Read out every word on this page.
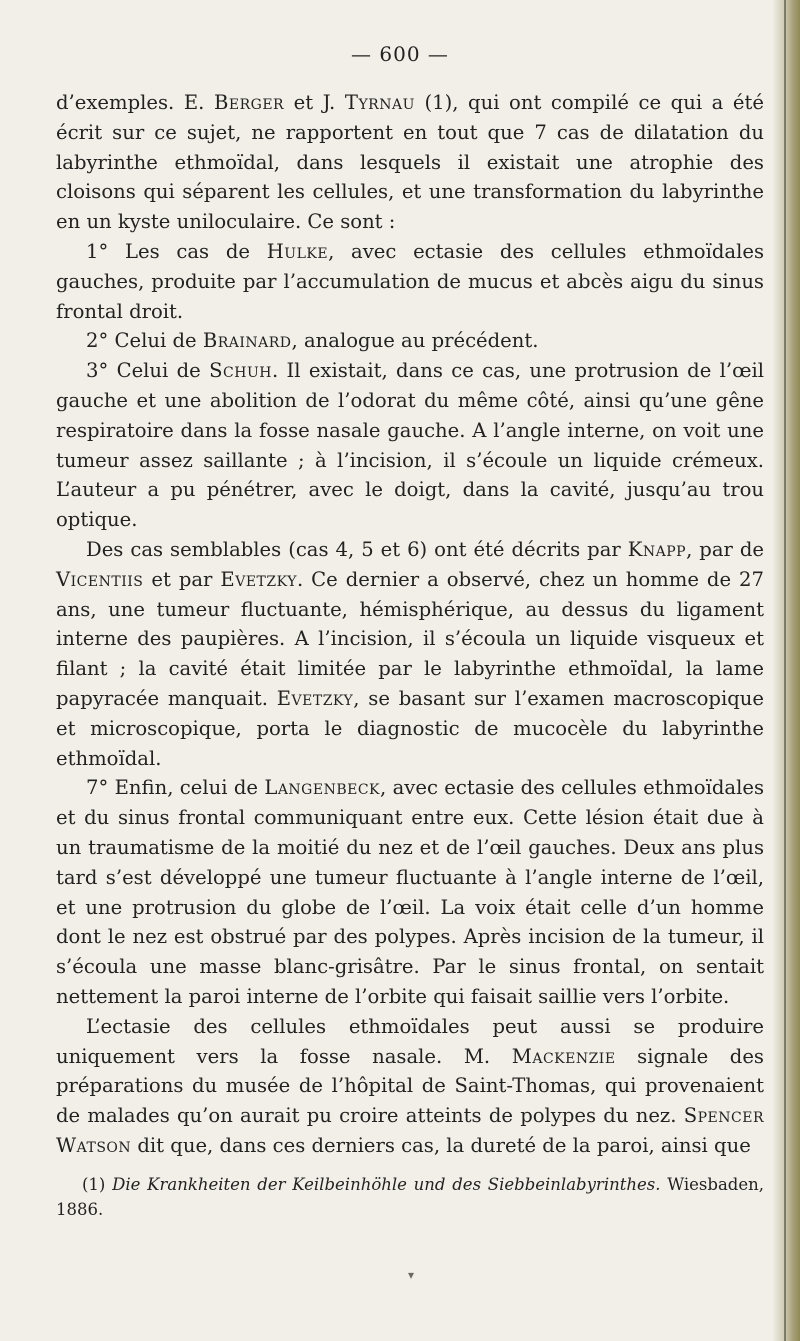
— 600 —

d’exemples. E. Berger et J. Tyrnau (1), qui ont compilé ce qui a été écrit sur ce sujet, ne rapportent en tout que 7 cas de dilatation du labyrinthe ethmoïdal, dans lesquels il existait une atrophie des cloisons qui séparent les cellules, et une transformation du labyrinthe en un kyste uniloculaire. Ce sont :

1° Les cas de Hulke, avec ectasie des cellules ethmoïdales gauches, produite par l’accumulation de mucus et abcès aigu du sinus frontal droit.

2° Celui de Brainard, analogue au précédent.

3° Celui de Schuh. Il existait, dans ce cas, une protrusion de l’œil gauche et une abolition de l’odorat du même côté, ainsi qu’une gêne respiratoire dans la fosse nasale gauche. A l’angle interne, on voit une tumeur assez saillante ; à l’incision, il s’écoule un liquide crémeux. L’auteur a pu pénétrer, avec le doigt, dans la cavité, jusqu’au trou optique.

Des cas semblables (cas 4, 5 et 6) ont été décrits par Knapp, par de Vicentiis et par Evetzky. Ce dernier a observé, chez un homme de 27 ans, une tumeur fluctuante, hémisphérique, au dessus du ligament interne des paupières. A l’incision, il s’écoula un liquide visqueux et filant ; la cavité était limitée par le labyrinthe ethmoïdal, la lame papyracée manquait. Evetzky, se basant sur l’examen macroscopique et microscopique, porta le diagnostic de mucocèle du labyrinthe ethmoïdal.

7° Enfin, celui de Langenbeck, avec ectasie des cellules ethmoïdales et du sinus frontal communiquant entre eux. Cette lésion était due à un traumatisme de la moitié du nez et de l’œil gauches. Deux ans plus tard s’est développé une tumeur fluctuante à l’angle interne de l’œil, et une protrusion du globe de l’œil. La voix était celle d’un homme dont le nez est obstrué par des polypes. Après incision de la tumeur, il s’écoula une masse blanc-grisâtre. Par le sinus frontal, on sentait nettement la paroi interne de l’orbite qui faisait saillie vers l’orbite.

L’ectasie des cellules ethmoïdales peut aussi se produire uniquement vers la fosse nasale. M. Mackenzie signale des préparations du musée de l’hôpital de Saint-Thomas, qui provenaient de malades qu’on aurait pu croire atteints de polypes du nez. Spencer Watson dit que, dans ces derniers cas, la dureté de la paroi, ainsi que

(1) Die Krankheiten der Keilbeinhöhle und des Siebbeinlabyrinthes. Wiesbaden, 1886.
▾
